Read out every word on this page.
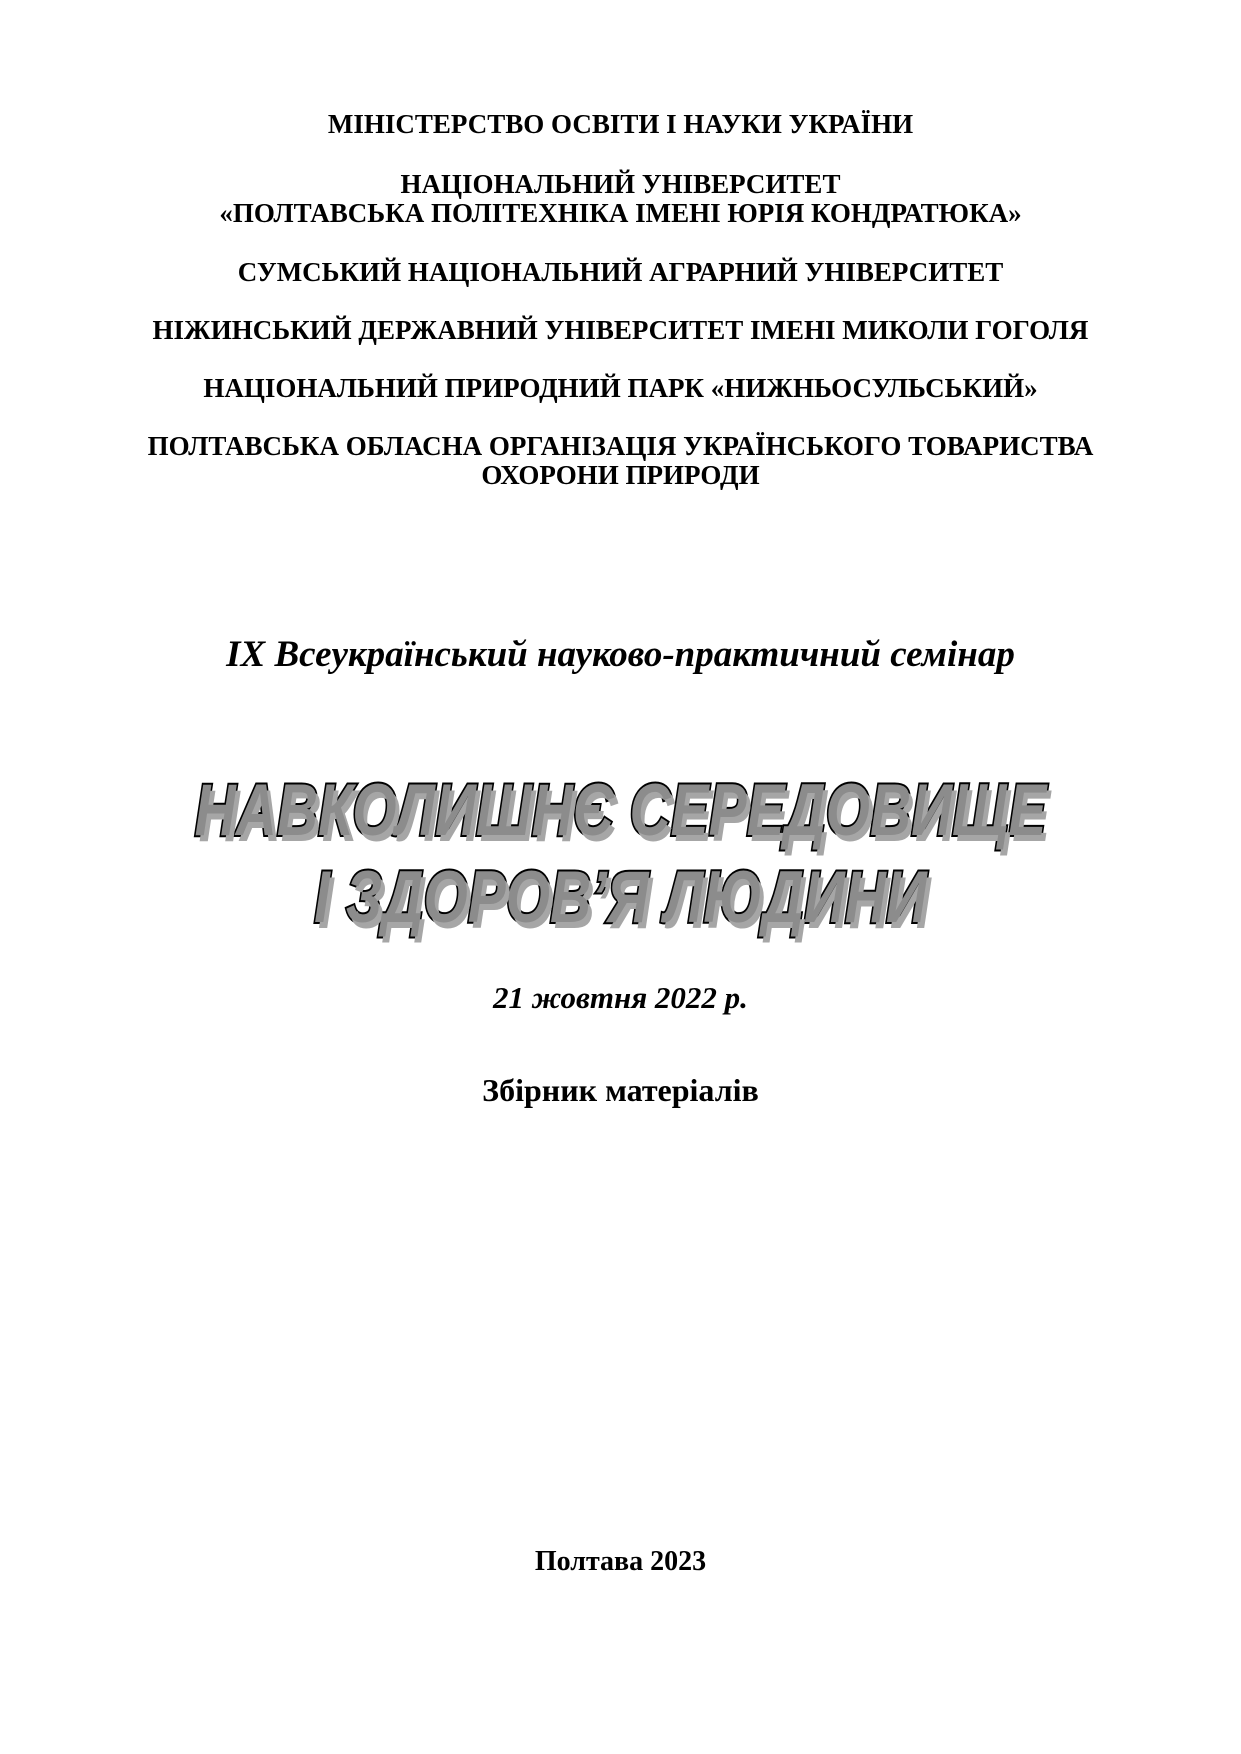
МІНІСТЕРСТВО ОСВІТИ І НАУКИ УКРАЇНИ
НАЦІОНАЛЬНИЙ УНІВЕРСИТЕТ
«ПОЛТАВСЬКА ПОЛІТЕХНІКА ІМЕНІ ЮРІЯ КОНДРАТЮКА»
СУМСЬКИЙ НАЦІОНАЛЬНИЙ АГРАРНИЙ УНІВЕРСИТЕТ
НІЖИНСЬКИЙ ДЕРЖАВНИЙ УНІВЕРСИТЕТ ІМЕНІ МИКОЛИ ГОГОЛЯ
НАЦІОНАЛЬНИЙ ПРИРОДНИЙ ПАРК «НИЖНЬОСУЛЬСЬКИЙ»
ПОЛТАВСЬКА ОБЛАСНА ОРГАНІЗАЦІЯ УКРАЇНСЬКОГО ТОВАРИСТВА ОХОРОНИ ПРИРОДИ
ІХ Всеукраїнський науково-практичний семінар
НАВКОЛИШНЄ СЕРЕДОВИЩЕ
І ЗДОРОВ’Я ЛЮДИНИ
21 жовтня 2022 р.
Збірник матеріалів
Полтава 2023
